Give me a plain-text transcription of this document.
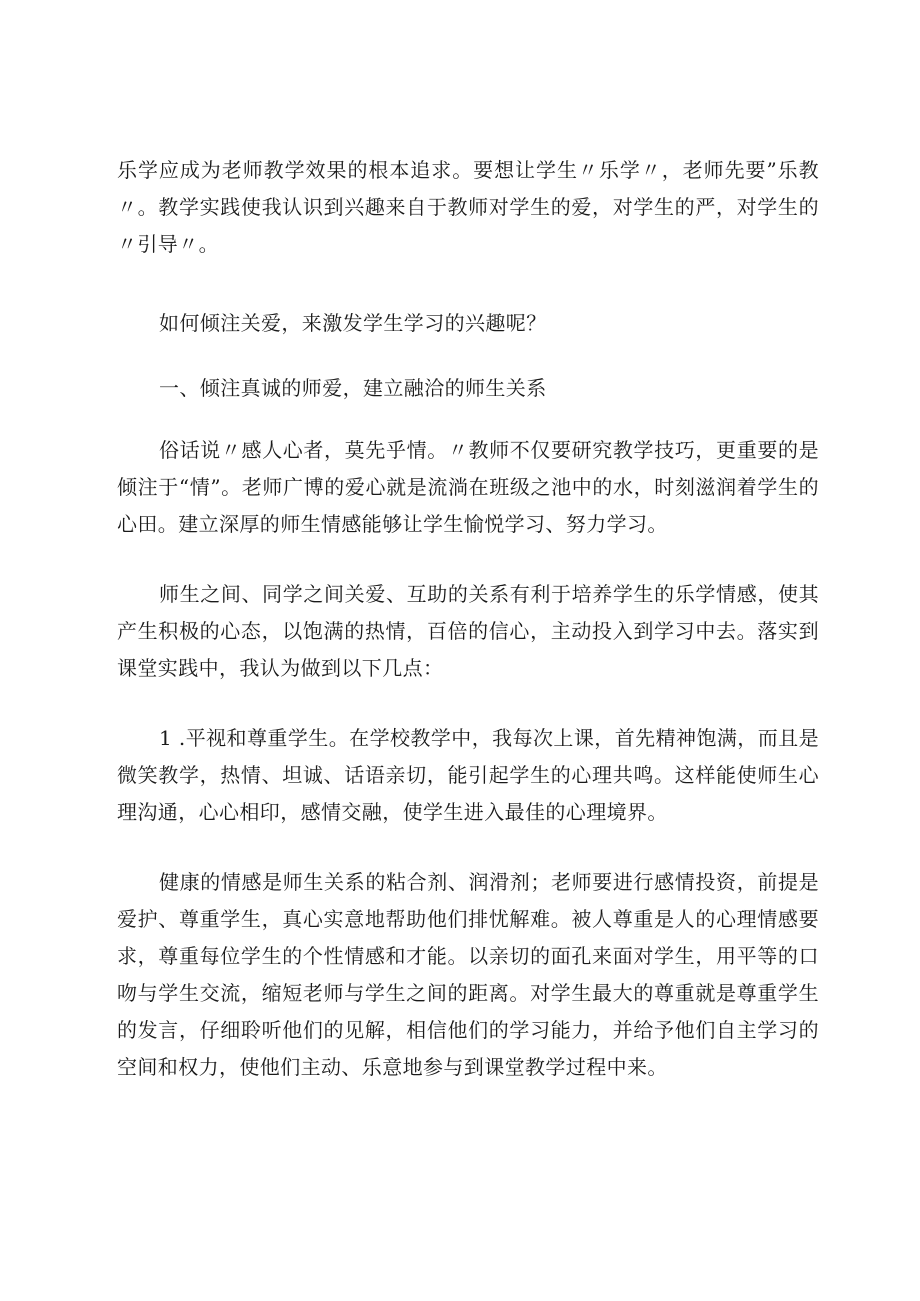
乐学应成为老师教学效果的根本追求。要想让学生〃乐学〃，老师先要”乐教〃。教学实践使我认识到兴趣来自于教师对学生的爱，对学生的严，对学生的〃引导〃。

如何倾注关爱，来激发学生学习的兴趣呢？

一、倾注真诚的师爱，建立融洽的师生关系

俗话说〃感人心者，莫先乎情。〃教师不仅要研究教学技巧，更重要的是倾注于“情”。老师广博的爱心就是流淌在班级之池中的水，时刻滋润着学生的心田。建立深厚的师生情感能够让学生愉悦学习、努力学习。

师生之间、同学之间关爱、互助的关系有利于培养学生的乐学情感，使其产生积极的心态，以饱满的热情，百倍的信心，主动投入到学习中去。落实到课堂实践中，我认为做到以下几点：

1 .平视和尊重学生。在学校教学中，我每次上课，首先精神饱满，而且是微笑教学，热情、坦诚、话语亲切，能引起学生的心理共鸣。这样能使师生心理沟通，心心相印，感情交融，使学生进入最佳的心理境界。

健康的情感是师生关系的粘合剂、润滑剂；老师要进行感情投资，前提是爱护、尊重学生，真心实意地帮助他们排忧解难。被人尊重是人的心理情感要求，尊重每位学生的个性情感和才能。以亲切的面孔来面对学生，用平等的口吻与学生交流，缩短老师与学生之间的距离。对学生最大的尊重就是尊重学生的发言，仔细聆听他们的见解，相信他们的学习能力，并给予他们自主学习的空间和权力，使他们主动、乐意地参与到课堂教学过程中来。
